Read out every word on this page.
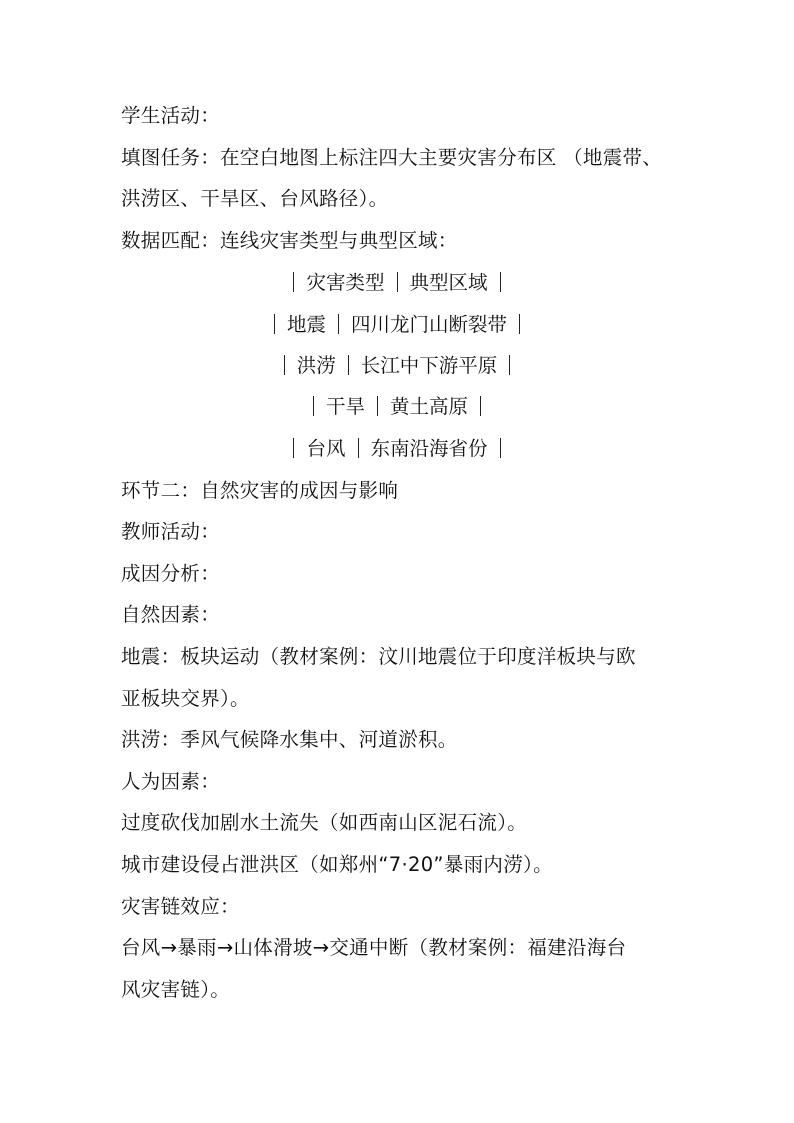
学生活动：
填图任务：在空白地图上标注四大主要灾害分布区 （地震带、
洪涝区、干旱区、台风路径）。
数据匹配：连线灾害类型与典型区域：
灾害类型 典型区域
地震 四川龙门山断裂带
洪涝 长江中下游平原
干旱 黄土高原
台风 东南沿海省份
环节二：自然灾害的成因与影响
教师活动：
成因分析：
自然因素：
地震：板块运动（教材案例：汶川地震位于印度洋板块与欧
亚板块交界）。
洪涝：季风气候降水集中、河道淤积。
人为因素：
过度砍伐加剧水土流失（如西南山区泥石流）。
城市建设侵占泄洪区（如郑州“7·20”暴雨内涝）。
灾害链效应：
台风→暴雨→山体滑坡→交通中断（教材案例：福建沿海台
风灾害链）。
